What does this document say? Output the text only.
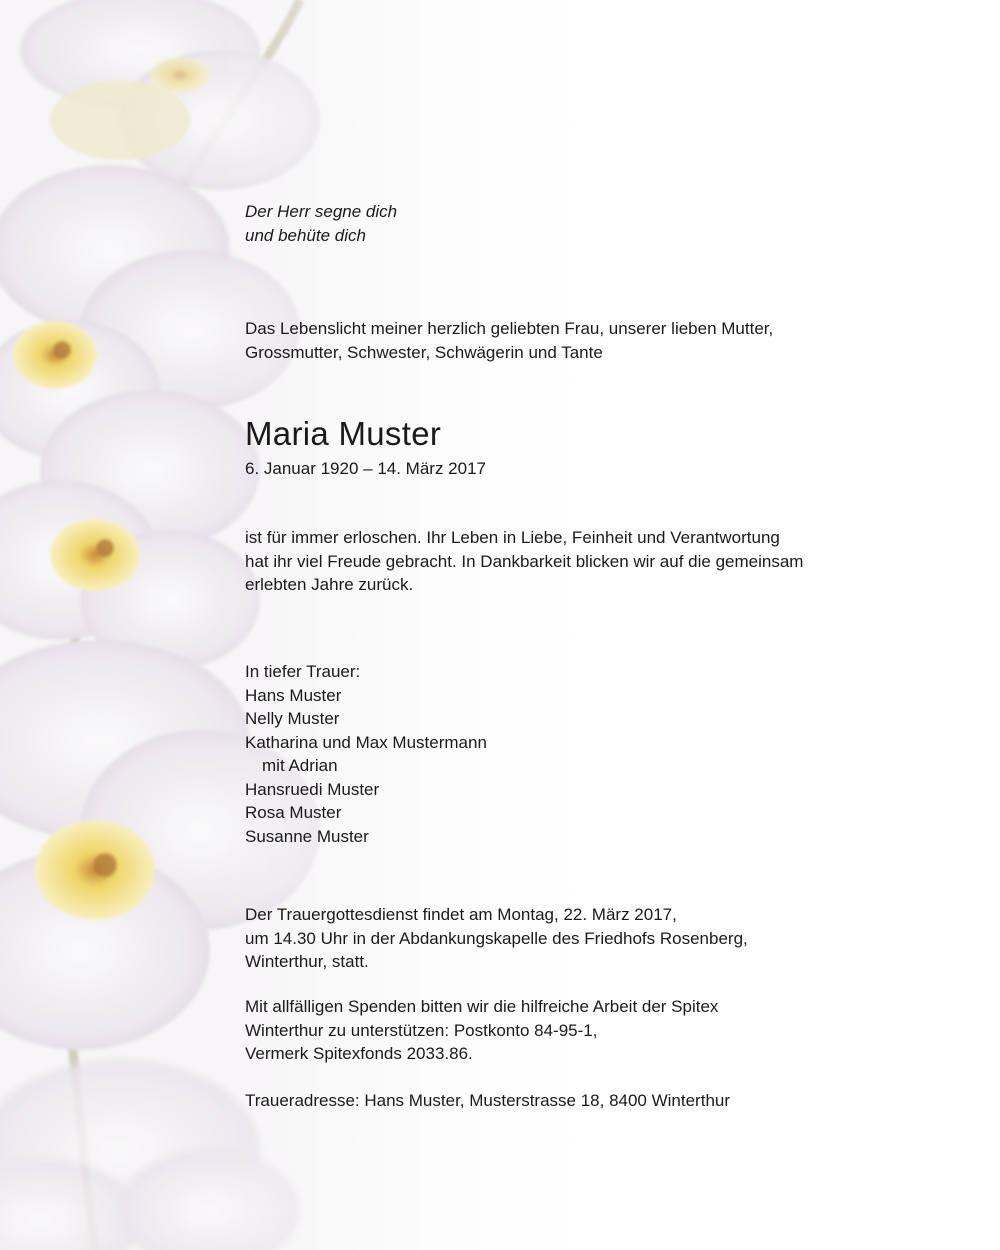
Der Herr segne dich
und behüte dich
Das Lebenslicht meiner herzlich geliebten Frau, unserer lieben Mutter,
Grossmutter, Schwester, Schwägerin und Tante
Maria Muster
6. Januar 1920 – 14. März 2017
ist für immer erloschen. Ihr Leben in Liebe, Feinheit und Verantwortung
hat ihr viel Freude gebracht. In Dankbarkeit blicken wir auf die gemeinsam
erlebten Jahre zurück.
In tiefer Trauer:
Hans Muster
Nelly Muster
Katharina und Max Mustermann
mit Adrian
Hansruedi Muster
Rosa Muster
Susanne Muster
Der Trauergottesdienst findet am Montag, 22. März 2017,
um 14.30 Uhr in der Abdankungskapelle des Friedhofs Rosenberg,
Winterthur, statt.
Mit allfälligen Spenden bitten wir die hilfreiche Arbeit der Spitex
Winterthur zu unterstützen: Postkonto 84-95-1,
Vermerk Spitexfonds 2033.86.
Traueradresse: Hans Muster, Musterstrasse 18, 8400 Winterthur
